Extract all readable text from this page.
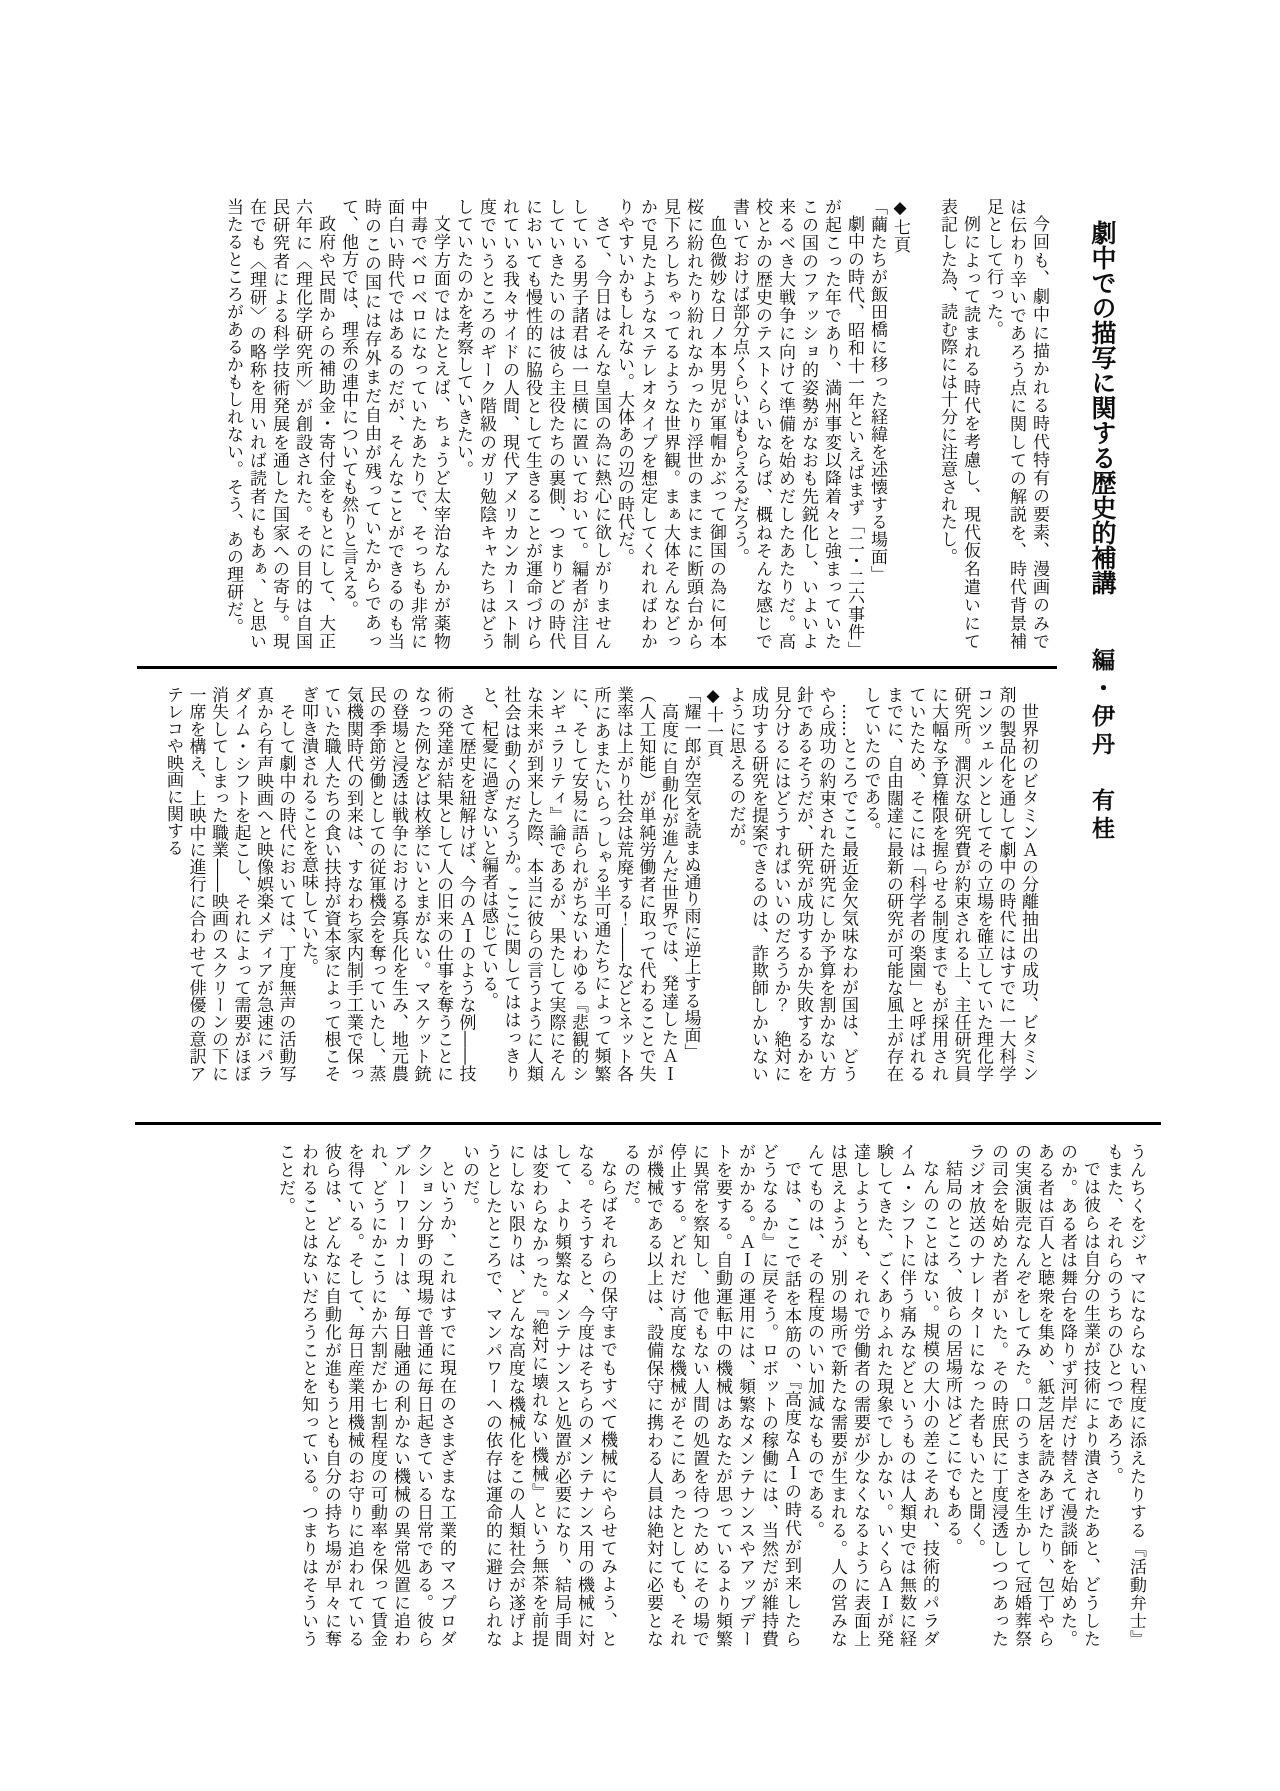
劇中での描写に関する歴史的補講
編・伊丹　有桂

今回も、劇中に描かれる時代特有の要素、漫画のみでは伝わり辛いであろう点に関しての解説を、時代背景補足として行った。

例によって読まれる時代を考慮し、現代仮名遣いにて表記した為、読む際には十分に注意されたし。

◆七頁

「繭たちが飯田橋に移った経緯を述懐する場面」

劇中の時代、昭和十一年といえばまず「二・二六事件」が起こった年であり、満州事変以降着々と強まっていたこの国のファッショ的姿勢がなおも先鋭化し、いよいよ来るべき大戦争に向けて準備を始めだしたあたりだ。高校とかの歴史のテストくらいならば、概ねそんな感じで書いておけば部分点くらいはもらえるだろう。

血色微妙な日ノ本男児が軍帽かぶって御国の為に何本桜に紛れたり紛れなかったり浮世のまにまに断頭台から見下ろしちゃってるような世界観。まぁ大体そんなどっかで見たようなステレオタイプを想定してくれればわかりやすいかもしれない。大体あの辺の時代だ。

さて、今日はそんな皇国の為に熱心に欲しがりませんしている男子諸君は一旦横に置いておいて。編者が注目していきたいのは彼ら主役たちの裏側、つまりどの時代においても慢性的に脇役として生きることが運命づけられている我々サイドの人間、現代アメリカンカースト制度でいうところのギーク階級のガリ勉陰キャたちはどうしていたのかを考察していきたい。

文学方面ではたとえば、ちょうど太宰治なんかが薬物中毒でベロベロになっていたあたりで、そっちも非常に面白い時代ではあるのだが、そんなことができるのも当時のこの国には存外まだ自由が残っていたからであって、他方では、理系の連中についても然りと言える。

政府や民間からの補助金・寄付金をもとにして、大正六年に〈理化学研究所〉が創設された。その目的は自国民研究者による科学技術発展を通した国家への寄与。現在でも〈理研〉の略称を用いれば読者にもあぁ、と思い当たるところがあるかもしれない。そう、あの理研だ。

世界初のビタミンＡの分離抽出の成功、ビタミン剤の製品化を通して劇中の時代にはすでに一大科学コンツェルンとしてその立場を確立していた理化学研究所。潤沢な研究費が約束される上、主任研究員に大幅な予算権限を握らせる制度までもが採用されていたため、そこには「科学者の楽園」と呼ばれるまでに、自由闊達に最新の研究が可能な風土が存在していたのである。

……ところでここ最近金欠気味なわが国は、どうやら成功の約束された研究にしか予算を割かない方針であるそうだが、研究が成功するか失敗するかを見分けるにはどうすればいいのだろうか？　絶対に成功する研究を提案できるのは、詐欺師しかいないように思えるのだが。

◆十一頁

「耀一郎が空気を読まぬ通り雨に逆上する場面」

高度に自動化が進んだ世界では、発達したＡＩ（人工知能）が単純労働者に取って代わることで失業率は上がり社会は荒廃する！――などとネット各所にあまたいらっしゃる半可通たちによって頻繁に、そして安易に語られがちないわゆる『悲観的シンギュラリティ』論であるが、果たして実際にそんな未来が到来した際、本当に彼らの言うように人類社会は動くのだろうか。ここに関してははっきりと、杞憂に過ぎないと編者は感じている。

さて歴史を紐解けば、今のＡＩのような例――技術の発達が結果として人の旧来の仕事を奪うことになった例などは枚挙にいとまがない。マスケット銃の登場と浸透は戦争における寡兵化を生み、地元農民の季節労働としての従軍機会を奪っていたし、蒸気機関時代の到来は、すなわち家内制手工業で保っていた職人たちの食い扶持が資本家によって根こそぎ叩き潰されることを意味していた。

そして劇中の時代においては、丁度無声の活動写真から有声映画へと映像娯楽メディアが急速にパラダイム・シフトを起こし、それによって需要がほぼ消失してしまった職業――映画のスクリーンの下に一席を構え、上映中に進行に合わせて俳優の意訳アテレコや映画に関する

うんちくをジャマにならない程度に添えたりする『活動弁士』もまた、それらのうちのひとつであろう。

では彼らは自分の生業が技術により潰されたあと、どうしたのか。ある者は舞台を降りず河岸だけ替えて漫談師を始めた。ある者は百人と聴衆を集め、紙芝居を読みあげたり、包丁やらの実演販売なんぞをしてみた。口のうまさを生かして冠婚葬祭の司会を始めた者がいた。その時庶民に丁度浸透しつつあったラジオ放送のナレーターになった者もいたと聞く。

結局のところ、彼らの居場所はどこにでもある。

なんのことはない。規模の大小の差こそあれ、技術的パラダイム・シフトに伴う痛みなどというものは人類史では無数に経験してきた、ごくありふれた現象でしかない。いくらＡＩが発達しようとも、それで労働者の需要が少なくなるように表面上は思えようが、別の場所で新たな需要が生まれる。人の営みなんてものは、その程度のいい加減なものである。

では、ここで話を本筋の、『高度なＡＩの時代が到来したらどうなるか』に戻そう。ロボットの稼働には、当然だが維持費がかかる。ＡＩの運用には、頻繁なメンテナンスやアップデートを要する。自動運転中の機械はあなたが思っているより頻繁に異常を察知し、他でもない人間の処置を待つためにその場で停止する。どれだけ高度な機械がそこにあったとしても、それが機械である以上は、設備保守に携わる人員は絶対に必要となるのだ。

ならばそれらの保守までもすべて機械にやらせてみよう、となる。そうすると、今度はそちらのメンテナンス用の機械に対して、より頻繁なメンテナンスと処置が必要になり、結局手間は変わらなかった。『絶対に壊れない機械』という無茶を前提にしない限りは、どんな高度な機械化をこの人類社会が遂げようとしたところで、マンパワーへの依存は運命的に避けられないのだ。

というか、これはすでに現在のさまざまな工業的マスプロダクション分野の現場で普通に毎日起きている日常である。彼らブルーワーカーは、毎日融通の利かない機械の異常処置に追われ、どうにかこうにか六割だか七割程度の可動率を保って賃金を得ている。そして、毎日産業用機械のお守りに追われている彼らは、どんなに自動化が進もうとも自分の持ち場が早々に奪われることはないだろうことを知っている。つまりはそういうことだ。
